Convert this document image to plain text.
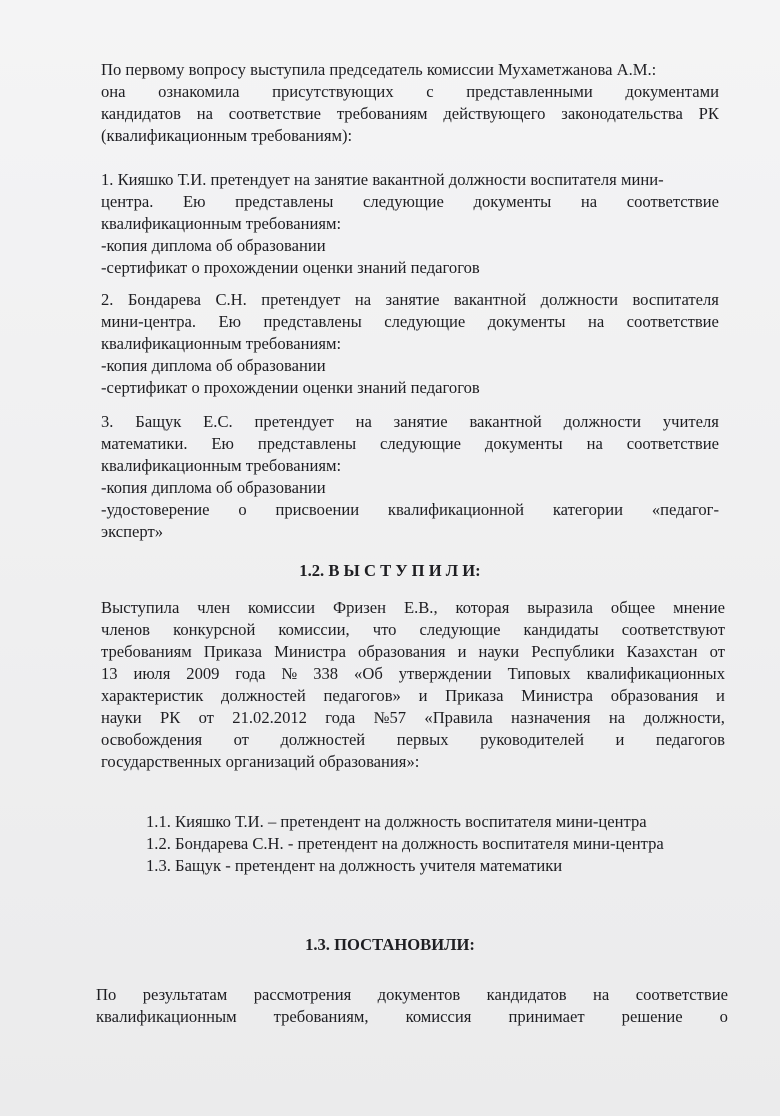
По первому вопросу выступила председатель комиссии Мухаметжанова А.М.:
она ознакомила присутствующих с представленными документами
кандидатов на соответствие требованиям действующего законодательства РК
(квалификационным требованиям):
1. Кияшко Т.И. претендует на занятие вакантной должности воспитателя мини-
центра. Ею представлены следующие документы на соответствие
квалификационным требованиям:
-копия диплома об образовании
-сертификат о прохождении оценки знаний педагогов
2. Бондарева С.Н. претендует на занятие вакантной должности воспитателя
мини-центра. Ею представлены следующие документы на соответствие
квалификационным требованиям:
-копия диплома об образовании
-сертификат о прохождении оценки знаний педагогов
3. Бащук Е.С. претендует на занятие вакантной должности учителя
математики. Ею представлены следующие документы на соответствие
квалификационным требованиям:
-копия диплома об образовании
-удостоверение о присвоении квалификационной категории «педагог-
эксперт»
1.2. В Ы С Т У П И Л И:
Выступила член комиссии Фризен Е.В., которая выразила общее мнение
членов конкурсной комиссии, что следующие кандидаты соответствуют
требованиям Приказа Министра образования и науки Республики Казахстан от
13 июля 2009 года № 338 «Об утверждении Типовых квалификационных
характеристик должностей педагогов» и Приказа Министра образования и
науки РК от 21.02.2012 года №57 «Правила назначения на должности,
освобождения от должностей первых руководителей и педагогов
государственных организаций образования»:
1.1. Кияшко Т.И. – претендент на должность воспитателя мини-центра
1.2. Бондарева С.Н. - претендент на должность воспитателя мини-центра
1.3. Бащук - претендент на должность учителя математики
1.3. ПОСТАНОВИЛИ:
По результатам рассмотрения документов кандидатов на соответствие
квалификационным требованиям, комиссия принимает решение о
